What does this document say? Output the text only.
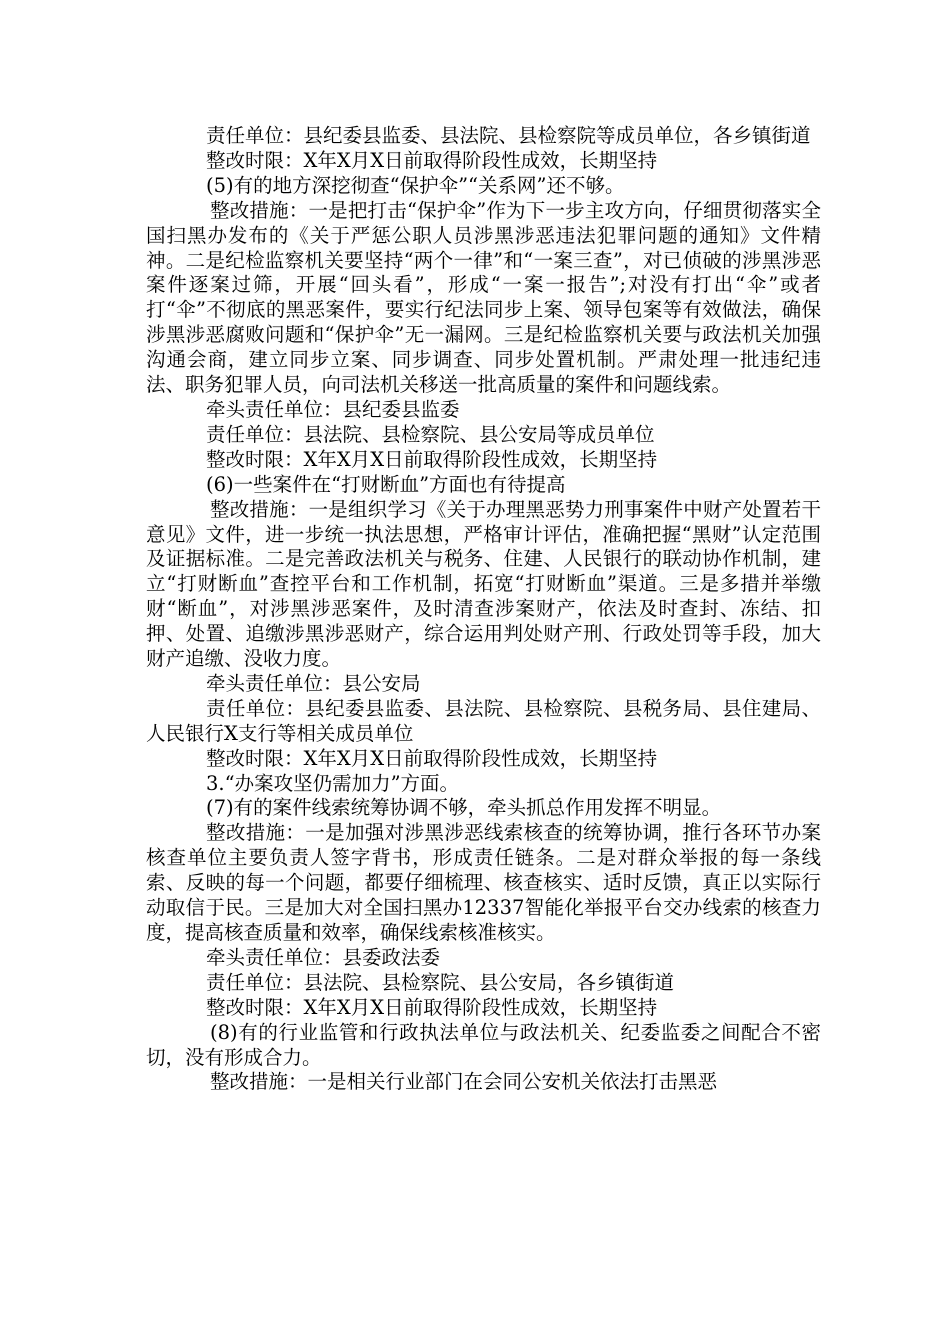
责任单位：县纪委县监委、县法院、县检察院等成员单位，各乡镇街道

整改时限：X年X月X日前取得阶段性成效，长期坚持

(5)有的地方深挖彻查“保护伞”“关系网”还不够。

整改措施：一是把打击“保护伞”作为下一步主攻方向，仔细贯彻落实全国扫黑办发布的《关于严惩公职人员涉黑涉恶违法犯罪问题的通知》文件精神。二是纪检监察机关要坚持“两个一律”和“一案三查”，对已侦破的涉黑涉恶案件逐案过筛，开展“回头看”，形成“一案一报告”;对没有打出“伞”或者打“伞”不彻底的黑恶案件，要实行纪法同步上案、领导包案等有效做法，确保涉黑涉恶腐败问题和“保护伞”无一漏网。三是纪检监察机关要与政法机关加强沟通会商，建立同步立案、同步调查、同步处置机制。严肃处理一批违纪违法、职务犯罪人员，向司法机关移送一批高质量的案件和问题线索。

牵头责任单位：县纪委县监委

责任单位：县法院、县检察院、县公安局等成员单位

整改时限：X年X月X日前取得阶段性成效，长期坚持

(6)一些案件在“打财断血”方面也有待提高

整改措施：一是组织学习《关于办理黑恶势力刑事案件中财产处置若干意见》文件，进一步统一执法思想，严格审计评估，准确把握“黑财”认定范围及证据标准。二是完善政法机关与税务、住建、人民银行的联动协作机制，建立“打财断血”查控平台和工作机制，拓宽“打财断血”渠道。三是多措并举缴财“断血”，对涉黑涉恶案件，及时清查涉案财产，依法及时查封、冻结、扣押、处置、追缴涉黑涉恶财产，综合运用判处财产刑、行政处罚等手段，加大财产追缴、没收力度。

牵头责任单位：县公安局

责任单位：县纪委县监委、县法院、县检察院、县税务局、县住建局、人民银行X支行等相关成员单位

整改时限：X年X月X日前取得阶段性成效，长期坚持

3.“办案攻坚仍需加力”方面。

(7)有的案件线索统筹协调不够，牵头抓总作用发挥不明显。

整改措施：一是加强对涉黑涉恶线索核查的统筹协调，推行各环节办案核查单位主要负责人签字背书，形成责任链条。二是对群众举报的每一条线索、反映的每一个问题，都要仔细梳理、核查核实、适时反馈，真正以实际行动取信于民。三是加大对全国扫黑办12337智能化举报平台交办线索的核查力度，提高核查质量和效率，确保线索核准核实。

牵头责任单位：县委政法委

责任单位：县法院、县检察院、县公安局，各乡镇街道

整改时限：X年X月X日前取得阶段性成效，长期坚持

(8)有的行业监管和行政执法单位与政法机关、纪委监委之间配合不密切，没有形成合力。

整改措施：一是相关行业部门在会同公安机关依法打击黑恶
